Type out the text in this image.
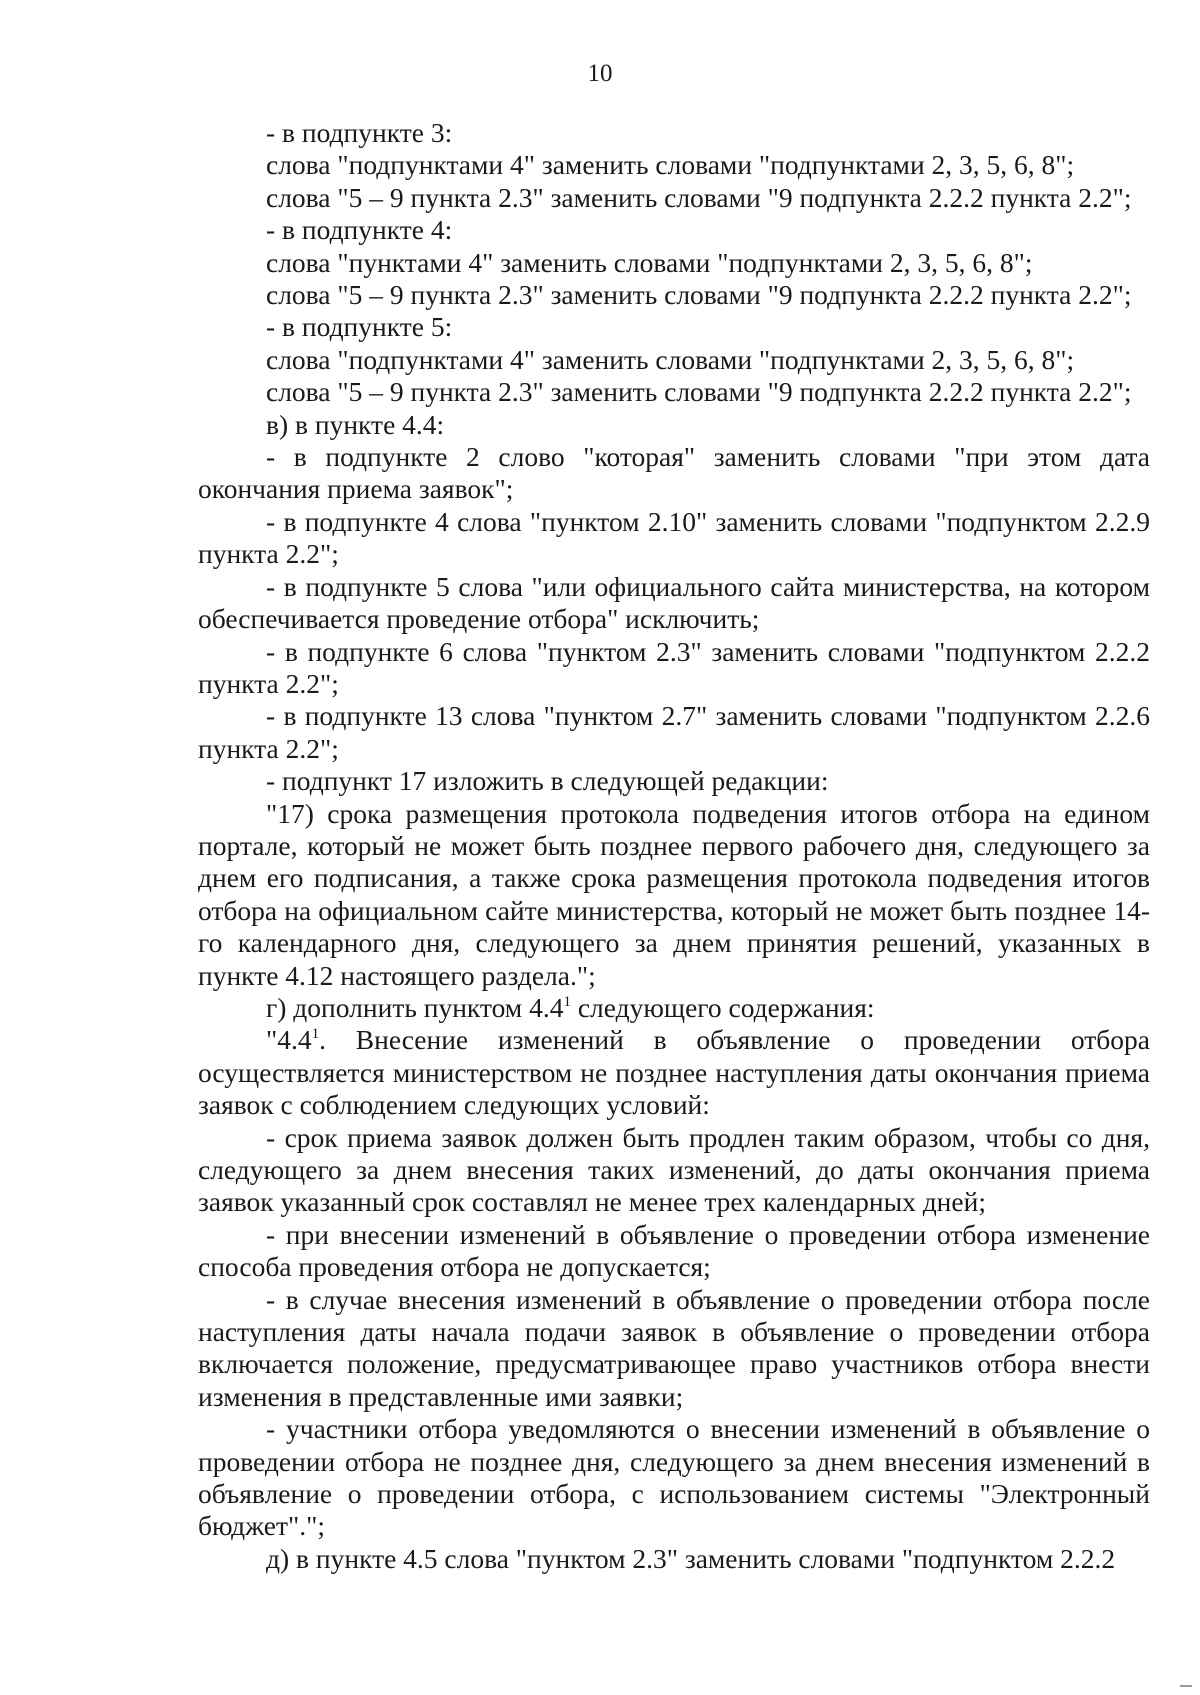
10

- в подпункте 3:

слова "подпунктами 4" заменить словами "подпунктами 2, 3, 5, 6, 8";

слова "5 – 9 пункта 2.3" заменить словами "9 подпункта 2.2.2 пункта 2.2";

- в подпункте 4:

слова "пунктами 4" заменить словами "подпунктами 2, 3, 5, 6, 8";

слова "5 – 9 пункта 2.3" заменить словами "9 подпункта 2.2.2 пункта 2.2";

- в подпункте 5:

слова "подпунктами 4" заменить словами "подпунктами 2, 3, 5, 6, 8";

слова "5 – 9 пункта 2.3" заменить словами "9 подпункта 2.2.2 пункта 2.2";

в) в пункте 4.4:

- в подпункте 2 слово "которая" заменить словами "при этом дата окончания приема заявок";

- в подпункте 4 слова "пунктом 2.10" заменить словами "подпунктом 2.2.9 пункта 2.2";

- в подпункте 5 слова "или официального сайта министерства, на котором обеспечивается проведение отбора" исключить;

- в подпункте 6 слова "пунктом 2.3" заменить словами "подпунктом 2.2.2 пункта 2.2";

- в подпункте 13 слова "пунктом 2.7" заменить словами "подпунктом 2.2.6 пункта 2.2";

- подпункт 17 изложить в следующей редакции:

"17) срока размещения протокола подведения итогов отбора на едином портале, который не может быть позднее первого рабочего дня, следующего за днем его подписания, а также срока размещения протокола подведения итогов отбора на официальном сайте министерства, который не может быть позднее 14-го календарного дня, следующего за днем принятия решений, указанных в пункте 4.12 настоящего раздела.";

г) дополнить пунктом $4.4^1$ следующего содержания:

"$4.4^1$. Внесение изменений в объявление о проведении отбора осуществляется министерством не позднее наступления даты окончания приема заявок с соблюдением следующих условий:

- срок приема заявок должен быть продлен таким образом, чтобы со дня, следующего за днем внесения таких изменений, до даты окончания приема заявок указанный срок составлял не менее трех календарных дней;

- при внесении изменений в объявление о проведении отбора изменение способа проведения отбора не допускается;

- в случае внесения изменений в объявление о проведении отбора после наступления даты начала подачи заявок в объявление о проведении отбора включается положение, предусматривающее право участников отбора внести изменения в представленные ими заявки;

- участники отбора уведомляются о внесении изменений в объявление о проведении отбора не позднее дня, следующего за днем внесения изменений в объявление о проведении отбора, с использованием системы "Электронный бюджет".";

д) в пункте 4.5 слова "пунктом 2.3" заменить словами "подпунктом 2.2.2
